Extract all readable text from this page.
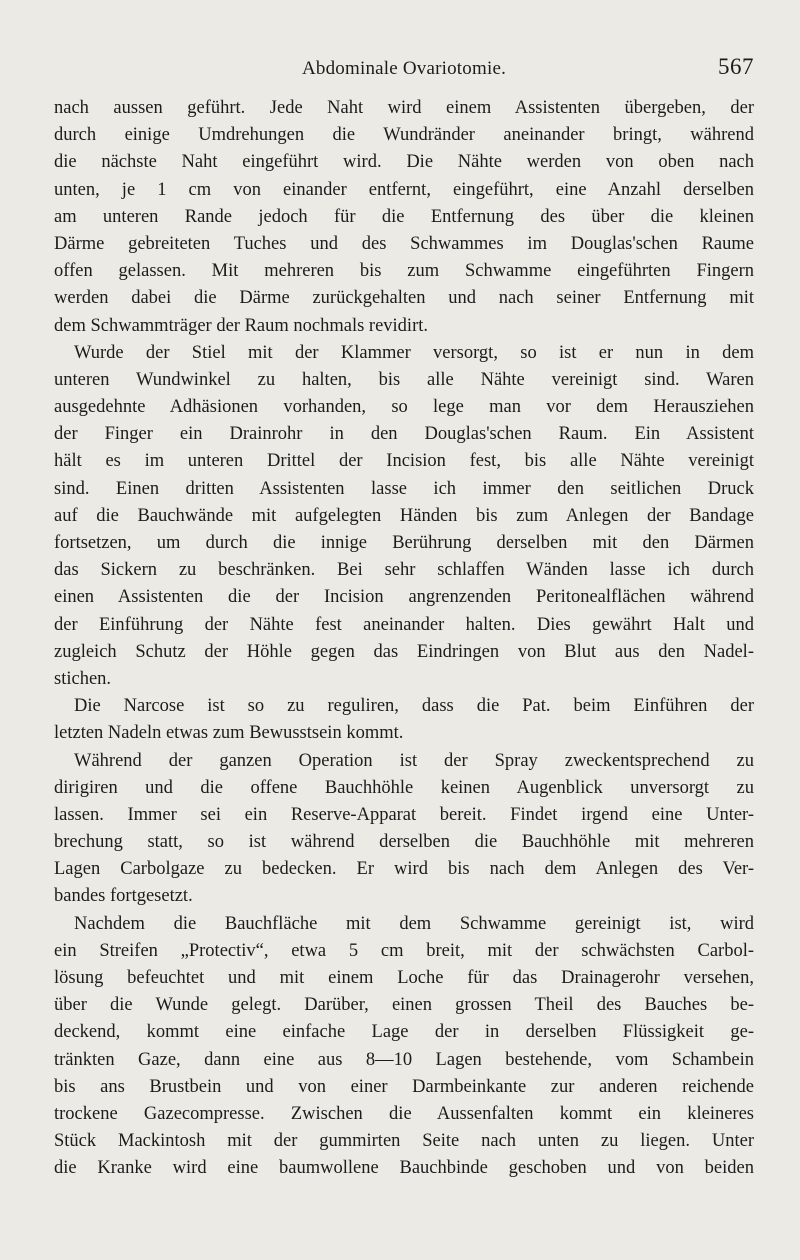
Abdominale Ovariotomie.	567
nach aussen geführt. Jede Naht wird einem Assistenten übergeben, der
durch einige Umdrehungen die Wundränder aneinander bringt, während
die nächste Naht eingeführt wird. Die Nähte werden von oben nach
unten, je 1 cm von einander entfernt, eingeführt, eine Anzahl derselben
am unteren Rande jedoch für die Entfernung des über die kleinen
Därme gebreiteten Tuches und des Schwammes im Douglas'schen Raume
offen gelassen. Mit mehreren bis zum Schwamme eingeführten Fingern
werden dabei die Därme zurückgehalten und nach seiner Entfernung mit
dem Schwammträger der Raum nochmals revidirt.
Wurde der Stiel mit der Klammer versorgt, so ist er nun in dem
unteren Wundwinkel zu halten, bis alle Nähte vereinigt sind. Waren
ausgedehnte Adhäsionen vorhanden, so lege man vor dem Herausziehen
der Finger ein Drainrohr in den Douglas'schen Raum. Ein Assistent
hält es im unteren Drittel der Incision fest, bis alle Nähte vereinigt
sind. Einen dritten Assistenten lasse ich immer den seitlichen Druck
auf die Bauchwände mit aufgelegten Händen bis zum Anlegen der Bandage
fortsetzen, um durch die innige Berührung derselben mit den Därmen
das Sickern zu beschränken. Bei sehr schlaffen Wänden lasse ich durch
einen Assistenten die der Incision angrenzenden Peritonealflächen während
der Einführung der Nähte fest aneinander halten. Dies gewährt Halt und
zugleich Schutz der Höhle gegen das Eindringen von Blut aus den Nadel-
stichen.
Die Narcose ist so zu reguliren, dass die Pat. beim Einführen der
letzten Nadeln etwas zum Bewusstsein kommt.
Während der ganzen Operation ist der Spray zweckentsprechend zu
dirigiren und die offene Bauchhöhle keinen Augenblick unversorgt zu
lassen. Immer sei ein Reserve-Apparat bereit. Findet irgend eine Unter-
brechung statt, so ist während derselben die Bauchhöhle mit mehreren
Lagen Carbolgaze zu bedecken. Er wird bis nach dem Anlegen des Ver-
bandes fortgesetzt.
Nachdem die Bauchfläche mit dem Schwamme gereinigt ist, wird
ein Streifen „Protectiv“, etwa 5 cm breit, mit der schwächsten Carbol-
lösung befeuchtet und mit einem Loche für das Drainagerohr versehen,
über die Wunde gelegt. Darüber, einen grossen Theil des Bauches be-
deckend, kommt eine einfache Lage der in derselben Flüssigkeit ge-
tränkten Gaze, dann eine aus 8—10 Lagen bestehende, vom Schambein
bis ans Brustbein und von einer Darmbeinkante zur anderen reichende
trockene Gazecompresse. Zwischen die Aussenfalten kommt ein kleineres
Stück Mackintosh mit der gummirten Seite nach unten zu liegen. Unter
die Kranke wird eine baumwollene Bauchbinde geschoben und von beiden
